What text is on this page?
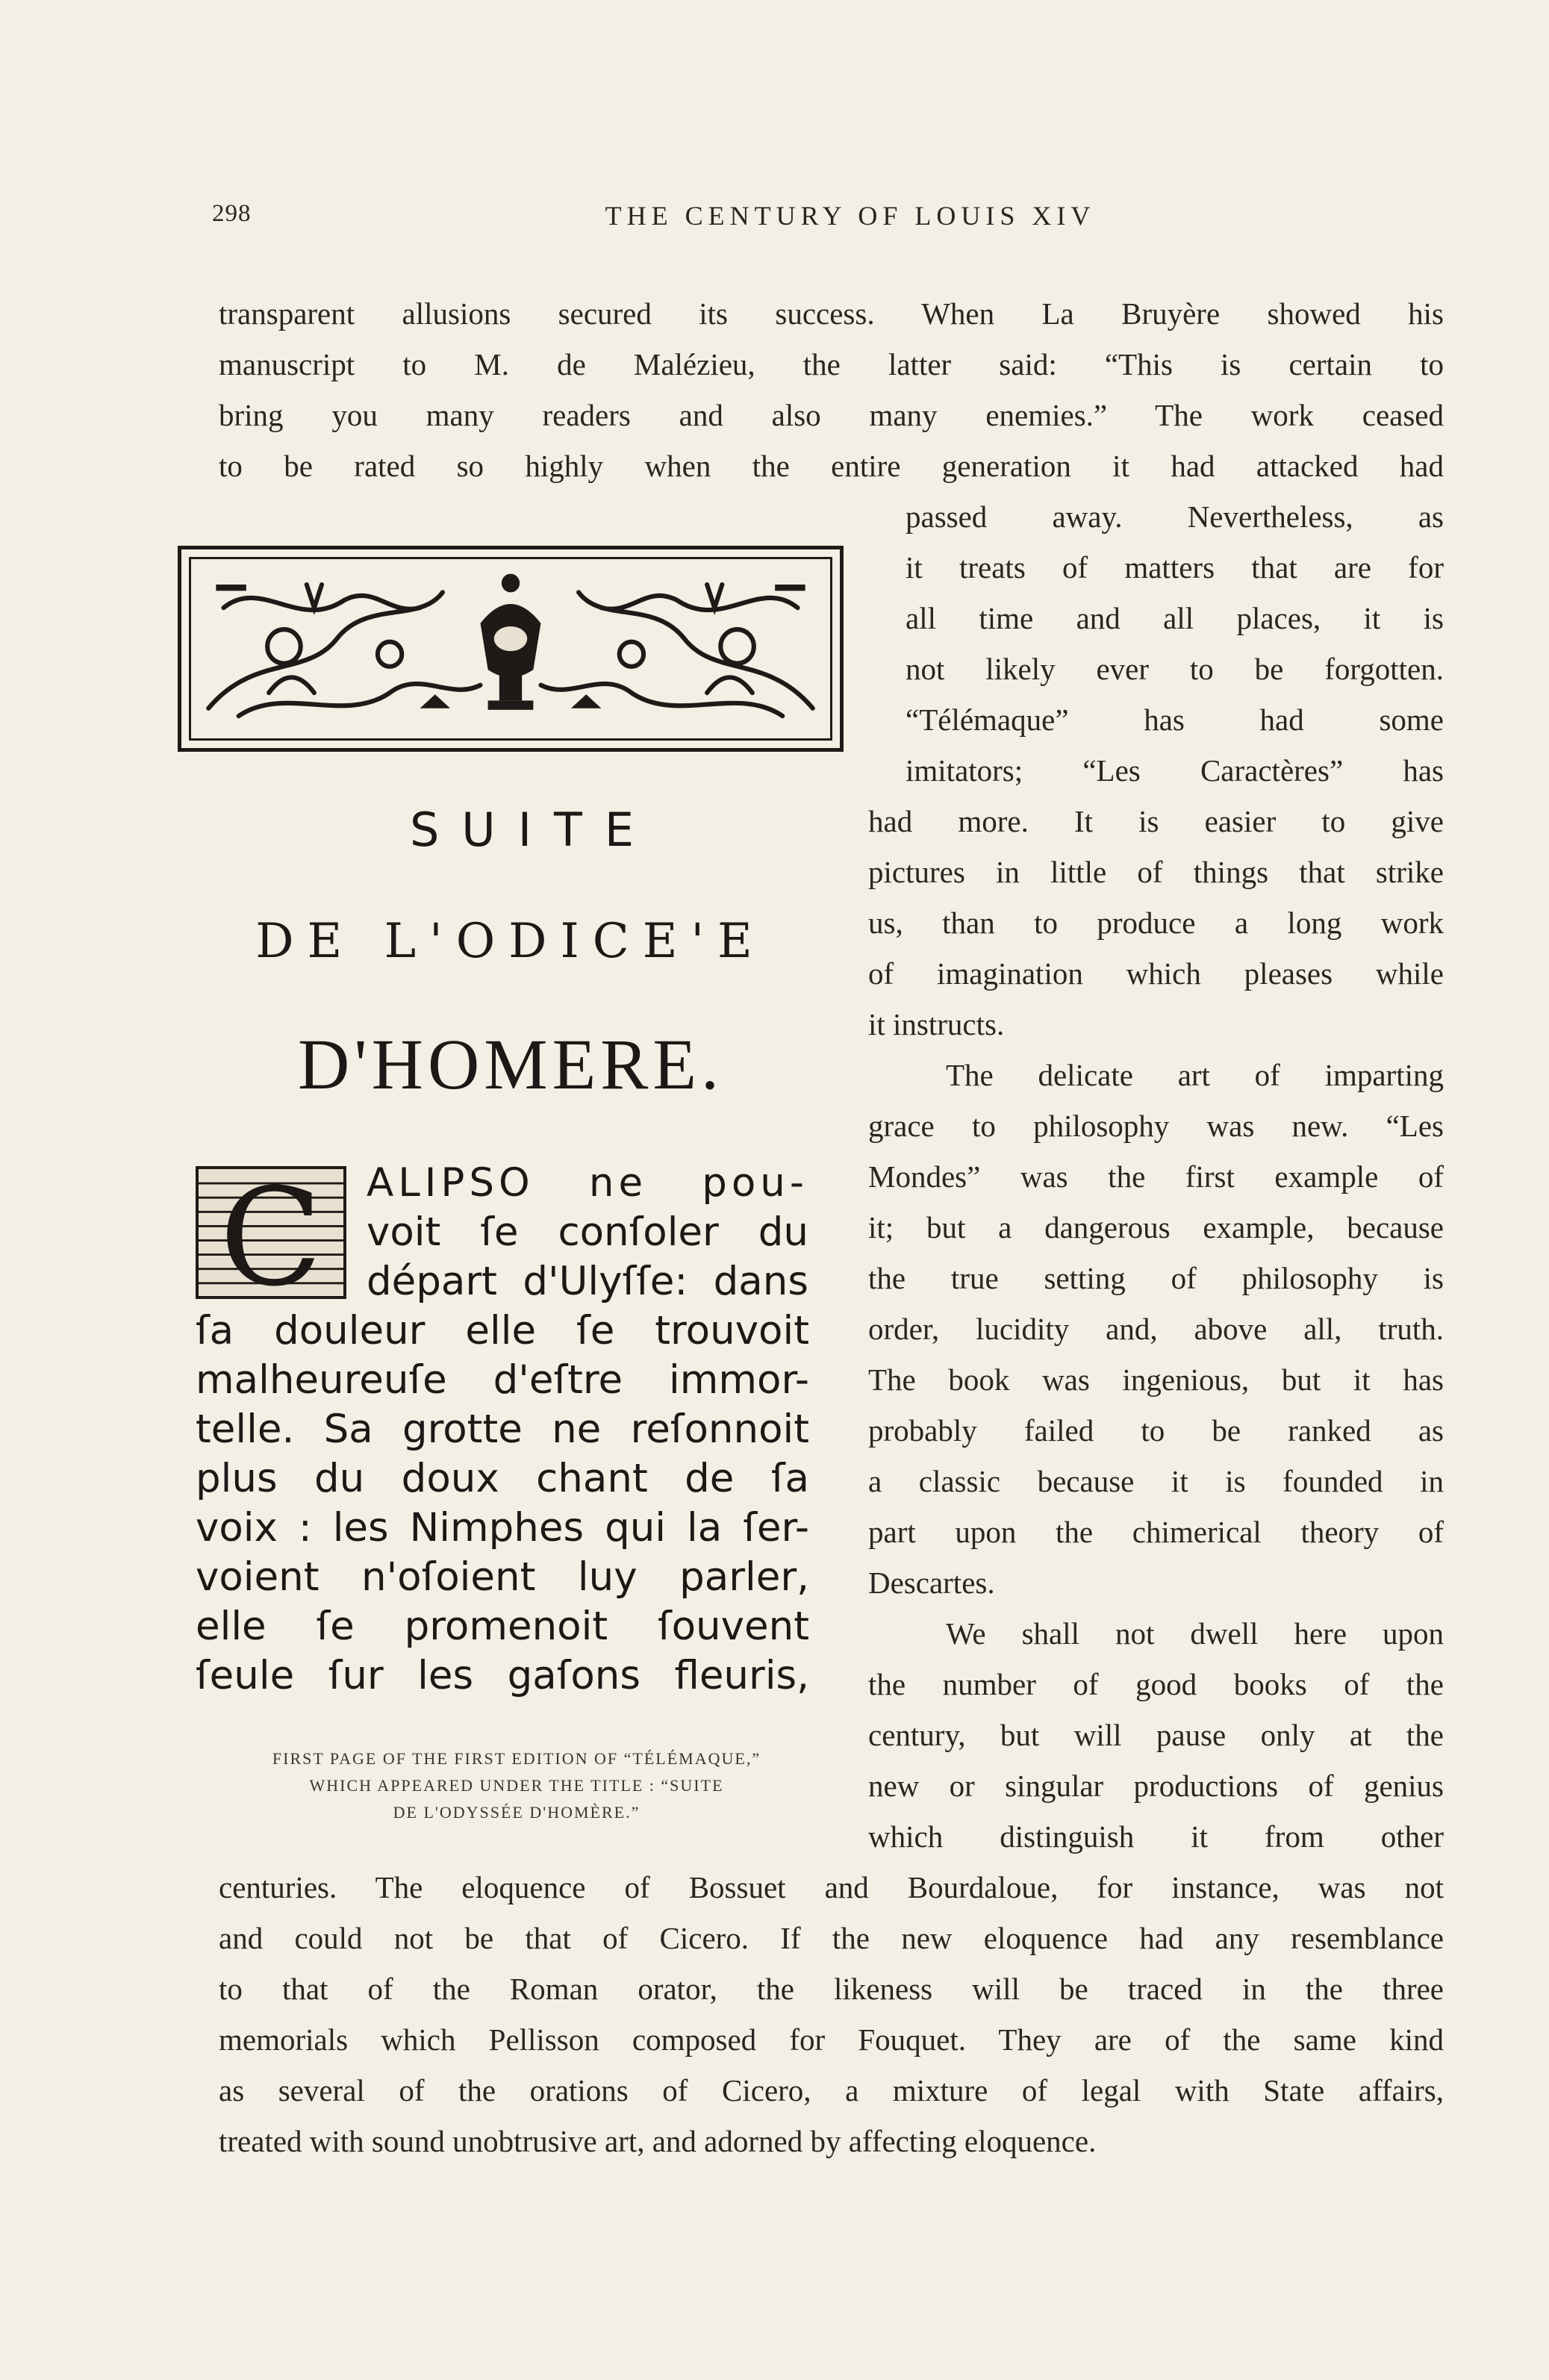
298	THE CENTURY OF LOUIS XIV
transparent allusions secured its success. When La Bruyère showed his
manuscript to M. de Malézieu, the latter said: “This is certain to
bring you many readers and also many enemies.” The work ceased
to be rated so highly when the entire generation it had attacked had
passed away. Nevertheless, as
it treats of matters that are for
all time and all places, it is
not likely ever to be forgotten.
“Télémaque” has had some
imitators; “Les Caractères” has
had more. It is easier to give
pictures in little of things that strike
us, than to produce a long work
of imagination which pleases while
it instructs.
The delicate art of imparting
grace to philosophy was new. “Les
Mondes” was the first example of
it; but a dangerous example, because
the true setting of philosophy is
order, lucidity and, above all, truth.
The book was ingenious, but it has
probably failed to be ranked as
a classic because it is founded in
part upon the chimerical theory of
Descartes.
We shall not dwell here upon
the number of good books of the
century, but will pause only at the
new or singular productions of genius
which distinguish it from other
centuries. The eloquence of Bossuet and Bourdaloue, for instance, was not
and could not be that of Cicero. If the new eloquence had any resemblance
to that of the Roman orator, the likeness will be traced in the three
memorials which Pellisson composed for Fouquet. They are of the same kind
as several of the orations of Cicero, a mixture of legal with State affairs,
treated with sound unobtrusive art, and adorned by affecting eloquence.
SUITE
DE L'ODICE'E
D'HOMERE.
C	ALIPSO ne pou-
voit ſe conſoler du
départ d'Ulyſſe: dans
ſa douleur elle ſe trouvoit
malheureuſe d'eſtre immor-
telle. Sa grotte ne reſonnoit
plus du doux chant de ſa
voix : les Nimphes qui la ſer-
voient n'oſoient luy parler,
elle ſe promenoit ſouvent
ſeule ſur les gaſons fleuris,
FIRST PAGE OF THE FIRST EDITION OF “TÉLÉMAQUE,”
WHICH APPEARED UNDER THE TITLE : “SUITE
DE L'ODYSSÉE D'HOMÈRE.”
